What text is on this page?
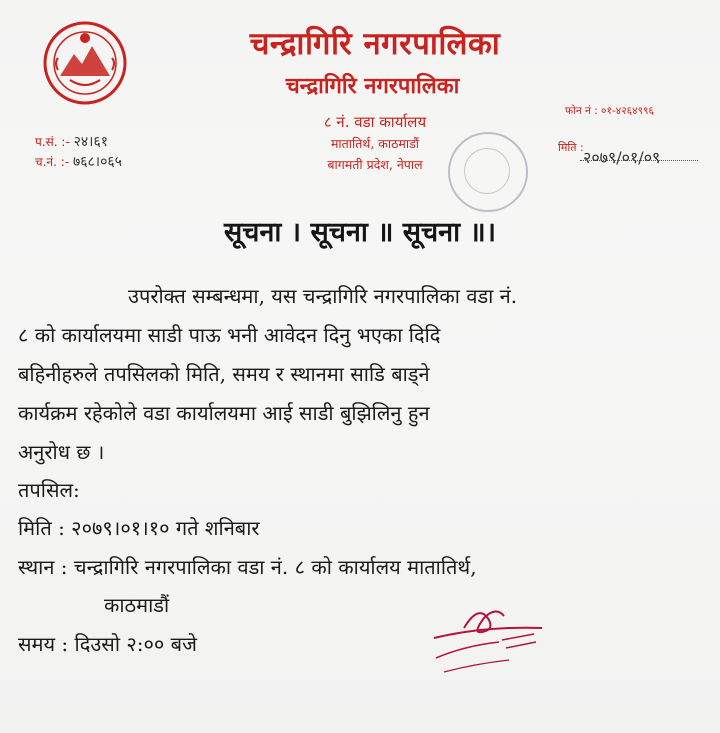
चन्द्रागिरि नगरपालिका
चन्द्रागिरि नगरपालिका
८ नं. वडा कार्यालय
मातातिर्थ, काठमाडौं
बागमती प्रदेश, नेपाल
प.सं. :- २४।६१
च.नं. :- ७६८।०६५
फोन नं : ०१-४२६४९९६
मिति :
२०७९/०१/०९
सूचना । सूचना ॥ सूचना ॥।
उपरोक्त सम्बन्धमा, यस चन्द्रागिरि नगरपालिका वडा नं.
८ को कार्यालयमा साडी पाऊ भनी आवेदन दिनु भएका दिदि
बहिनीहरुले तपसिलको मिति, समय र स्थानमा साडि बाड्ने
कार्यक्रम रहेकोले वडा कार्यालयमा आई साडी बुझिलिनु हुन
अनुरोध छ ।
तपसिल:
मिति : २०७९।०१।१० गते शनिबार
स्थान : चन्द्रागिरि नगरपालिका वडा नं. ८ को कार्यालय मातातिर्थ,
काठमाडौं
समय : दिउसो २:०० बजे
